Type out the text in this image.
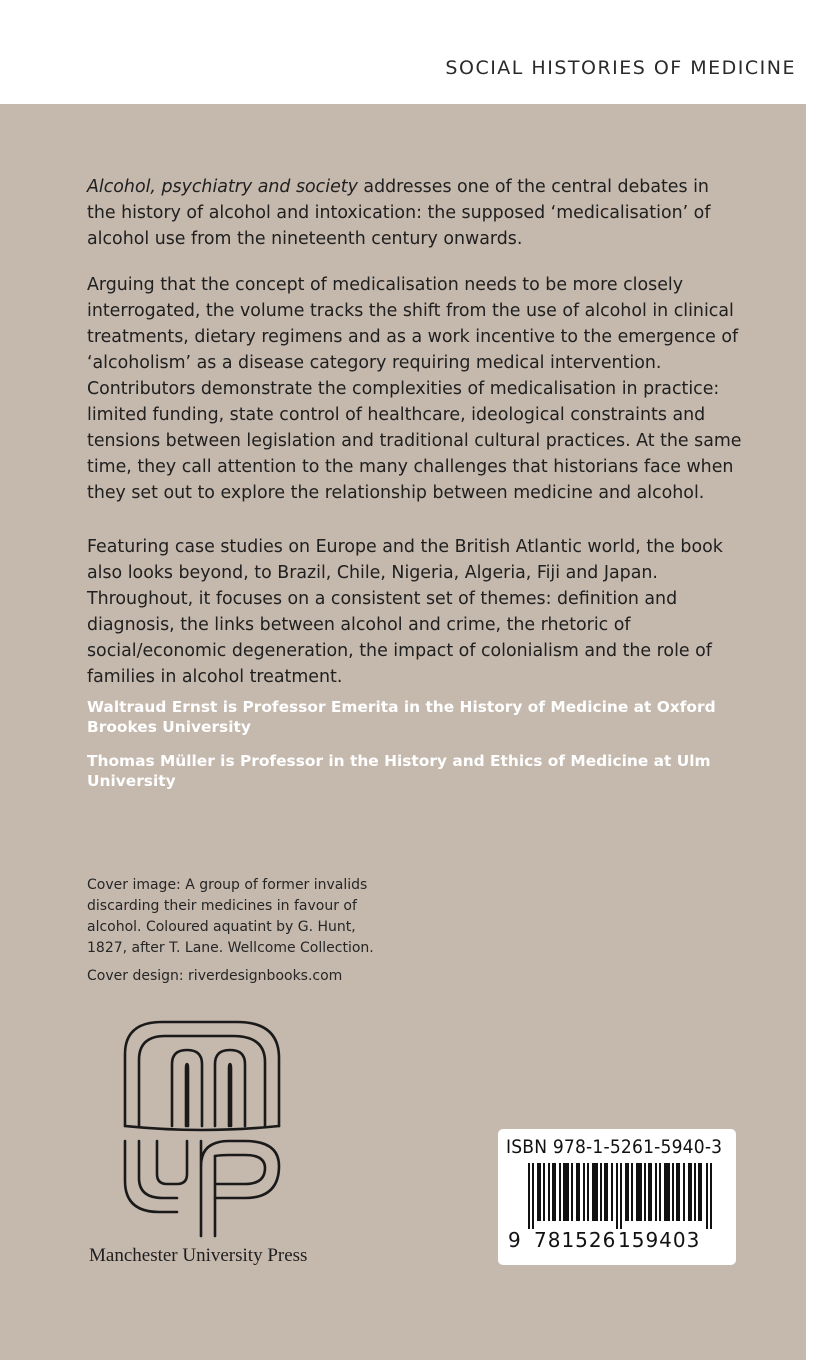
SOCIAL HISTORIES OF MEDICINE

Alcohol, psychiatry and society addresses one of the central debates in the history of alcohol and intoxication: the supposed ‘medicalisation’ of alcohol use from the nineteenth century onwards.

Arguing that the concept of medicalisation needs to be more closely interrogated, the volume tracks the shift from the use of alcohol in clinical treatments, dietary regimens and as a work incentive to the emergence of ‘alcoholism’ as a disease category requiring medical intervention. Contributors demonstrate the complexities of medicalisation in practice: limited funding, state control of healthcare, ideological constraints and tensions between legislation and traditional cultural practices. At the same time, they call attention to the many challenges that historians face when they set out to explore the relationship between medicine and alcohol.

Featuring case studies on Europe and the British Atlantic world, the book also looks beyond, to Brazil, Chile, Nigeria, Algeria, Fiji and Japan. Throughout, it focuses on a consistent set of themes: definition and diagnosis, the links between alcohol and crime, the rhetoric of social/economic degeneration, the impact of colonialism and the role of families in alcohol treatment.

Waltraud Ernst is Professor Emerita in the History of Medicine at Oxford Brookes University
Thomas Müller is Professor in the History and Ethics of Medicine at Ulm University
Cover image: A group of former invalids discarding their medicines in favour of alcohol. Coloured aquatint by G. Hunt, 1827, after T. Lane. Wellcome Collection.
Cover design: riverdesignbooks.com
Manchester University Press
ISBN 978-1-5261-5940-3
9 781526 159403
